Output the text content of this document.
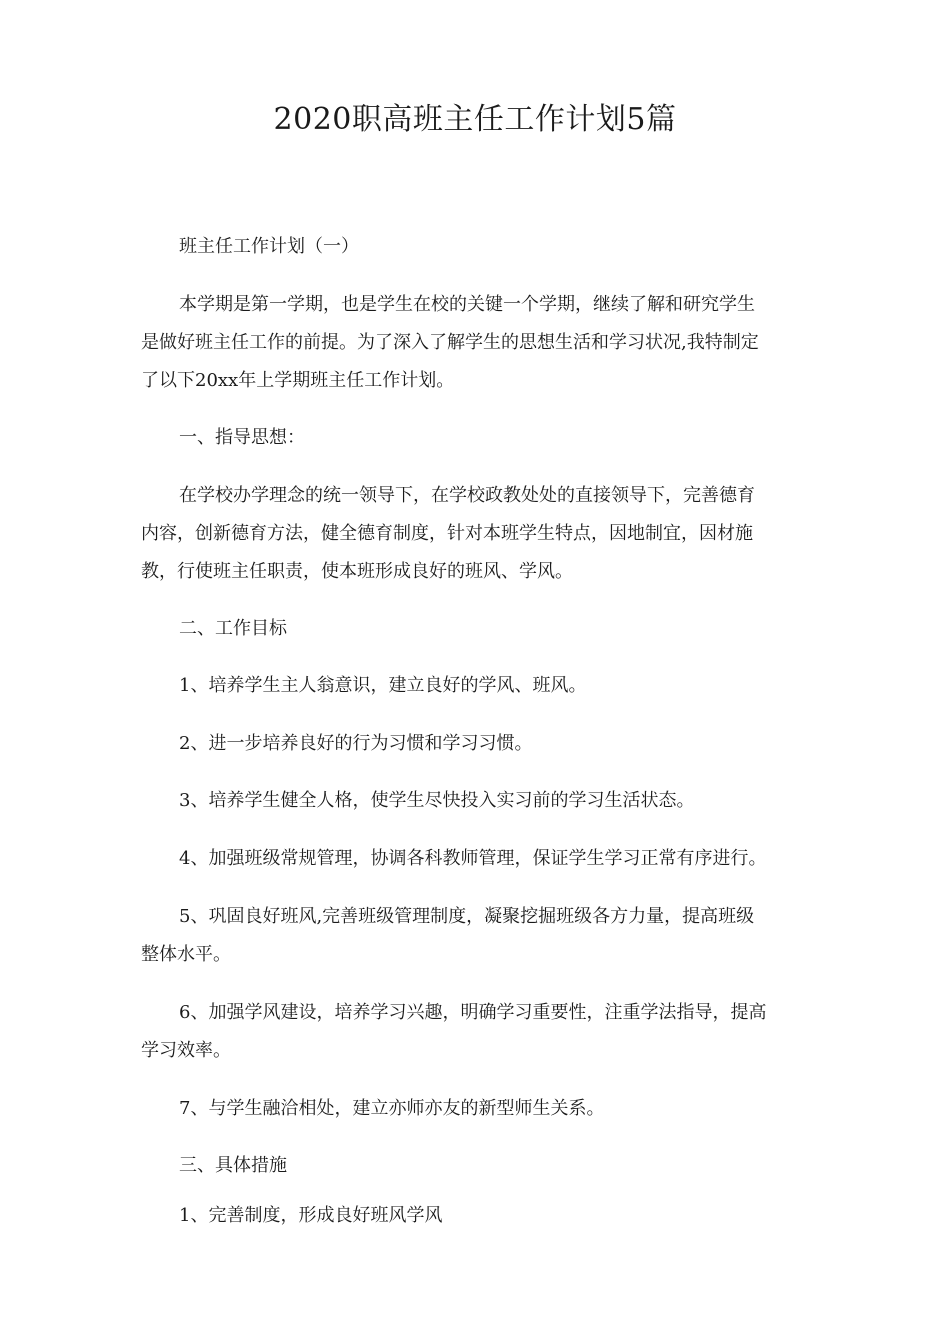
2020职高班主任工作计划5篇
班主任工作计划（一）
本学期是第一学期，也是学生在校的关键一个学期，继续了解和研究学生
是做好班主任工作的前提。为了深入了解学生的思想生活和学习状况,我特制定
了以下20xx年上学期班主任工作计划。
一、指导思想：
在学校办学理念的统一领导下，在学校政教处处的直接领导下，完善德育
内容，创新德育方法，健全德育制度，针对本班学生特点，因地制宜，因材施
教，行使班主任职责，使本班形成良好的班风、学风。
二、工作目标
1、培养学生主人翁意识，建立良好的学风、班风。
2、进一步培养良好的行为习惯和学习习惯。
3、培养学生健全人格，使学生尽快投入实习前的学习生活状态。
4、加强班级常规管理，协调各科教师管理，保证学生学习正常有序进行。
5、巩固良好班风,完善班级管理制度，凝聚挖掘班级各方力量，提高班级
整体水平。
6、加强学风建设，培养学习兴趣，明确学习重要性，注重学法指导，提高
学习效率。
7、与学生融洽相处，建立亦师亦友的新型师生关系。
三、具体措施
1、完善制度，形成良好班风学风
